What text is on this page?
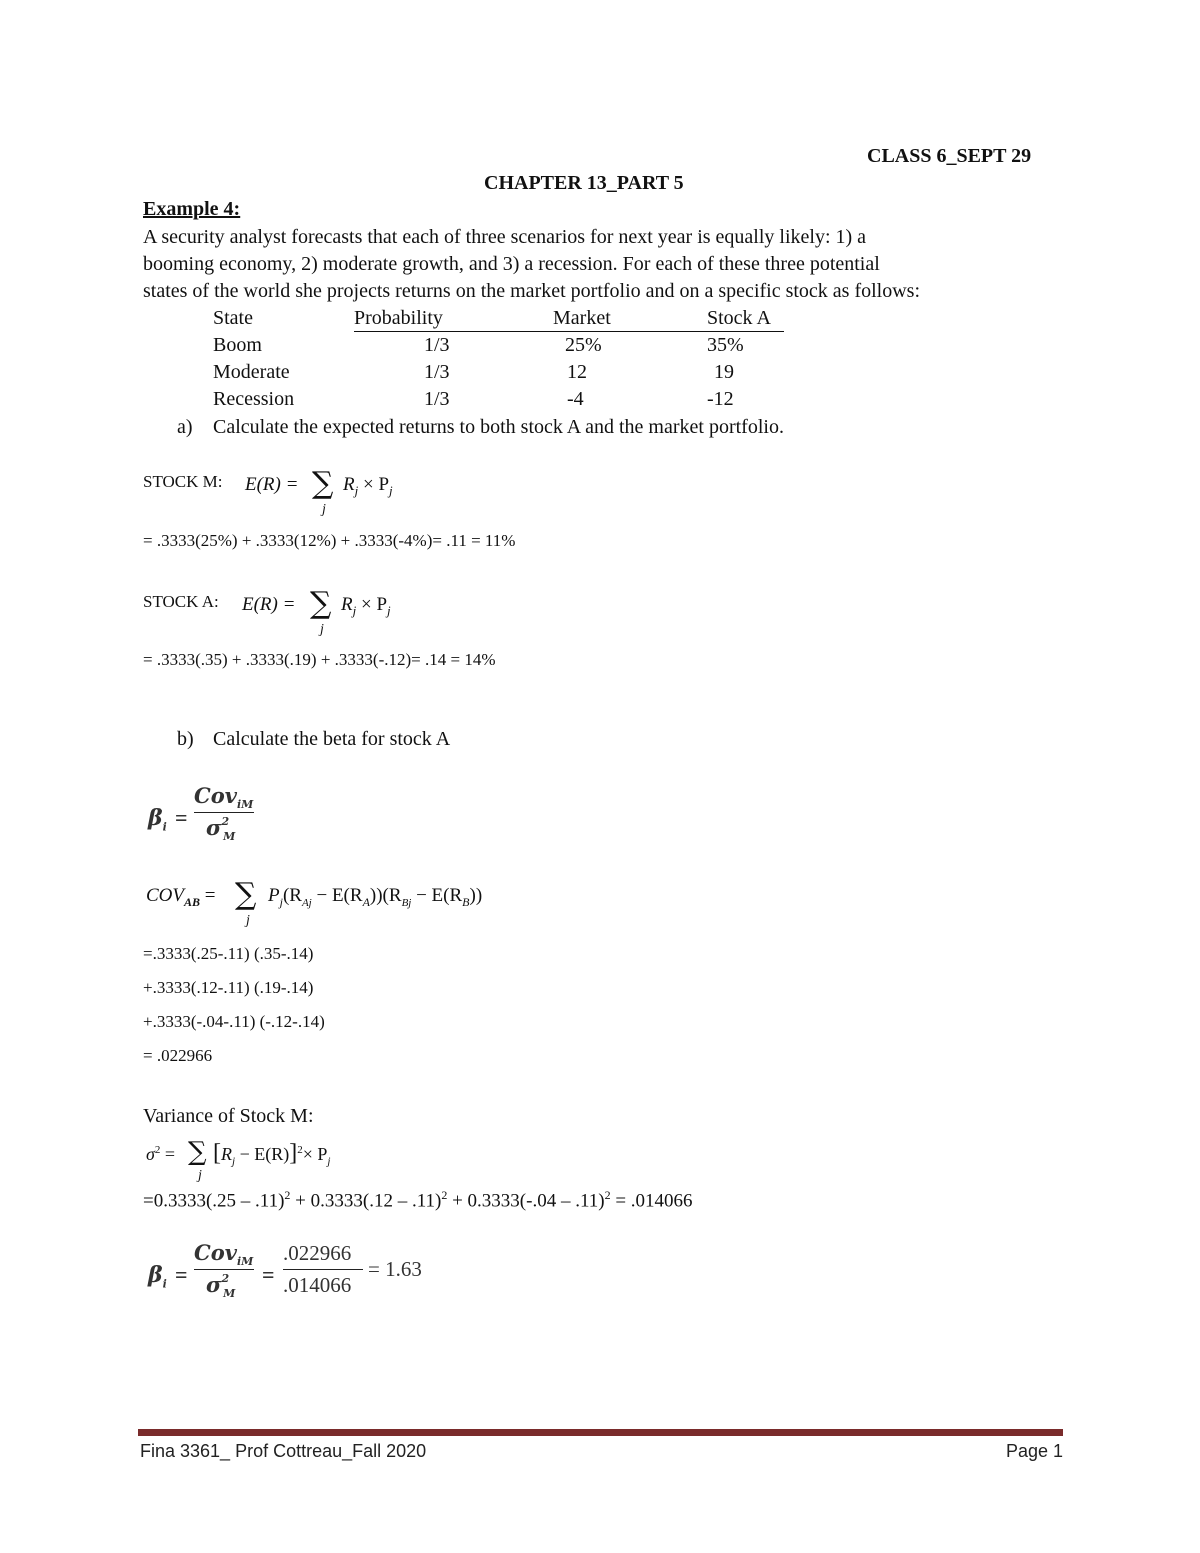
CLASS 6_SEPT 29
CHAPTER 13_PART 5
Example 4:
A security analyst forecasts that each of three scenarios for next year is equally likely: 1) a
booming economy, 2) moderate growth, and 3) a recession. For each of these three potential
states of the world she projects returns on the market portfolio and on a specific stock as follows:
State	Probability	Market	Stock A
Boom	1/3	25%	35%
Moderate	1/3	12	19
Recession	1/3	-4	-12
a) Calculate the expected returns to both stock A and the market portfolio.
STOCK M: E(R) = ∑
j
$R_j \times P_j$
= .3333(25%) + .3333(12%) + .3333(-4%)= .11 = 11%
STOCK A: E(R) = ∑
j
$R_j \times P_j$
= .3333(.35) + .3333(.19) + .3333(-.12)= .14 = 14%
b) Calculate the beta for stock A
$\beta_i$ =
Cov$_{iM}$
$\sigma^2_M$
$COV_{AB}$ = ∑
j
$P_j(R_{Aj} - E(R_A))(R_{Bj} - E(R_B))$
=.3333(.25-.11) (.35-.14)
+.3333(.12-.11) (.19-.14)
+.3333(-.04-.11) (-.12-.14)
= .022966
Variance of Stock M:
$\sigma^2$ = ∑
j
$[R_j - E(R)]^2\times P_j$
=0.3333(.25 – .11)$^2$ + 0.3333(.12 – .11)$^2$ + 0.3333(-.04 – .11)$^2$ = .014066
$\beta_i$ =
Cov$_{iM}$
$\sigma^2_M$
=
.022966
.014066
= 1.63
Fina 3361_ Prof Cottreau_Fall 2020	Page 1
